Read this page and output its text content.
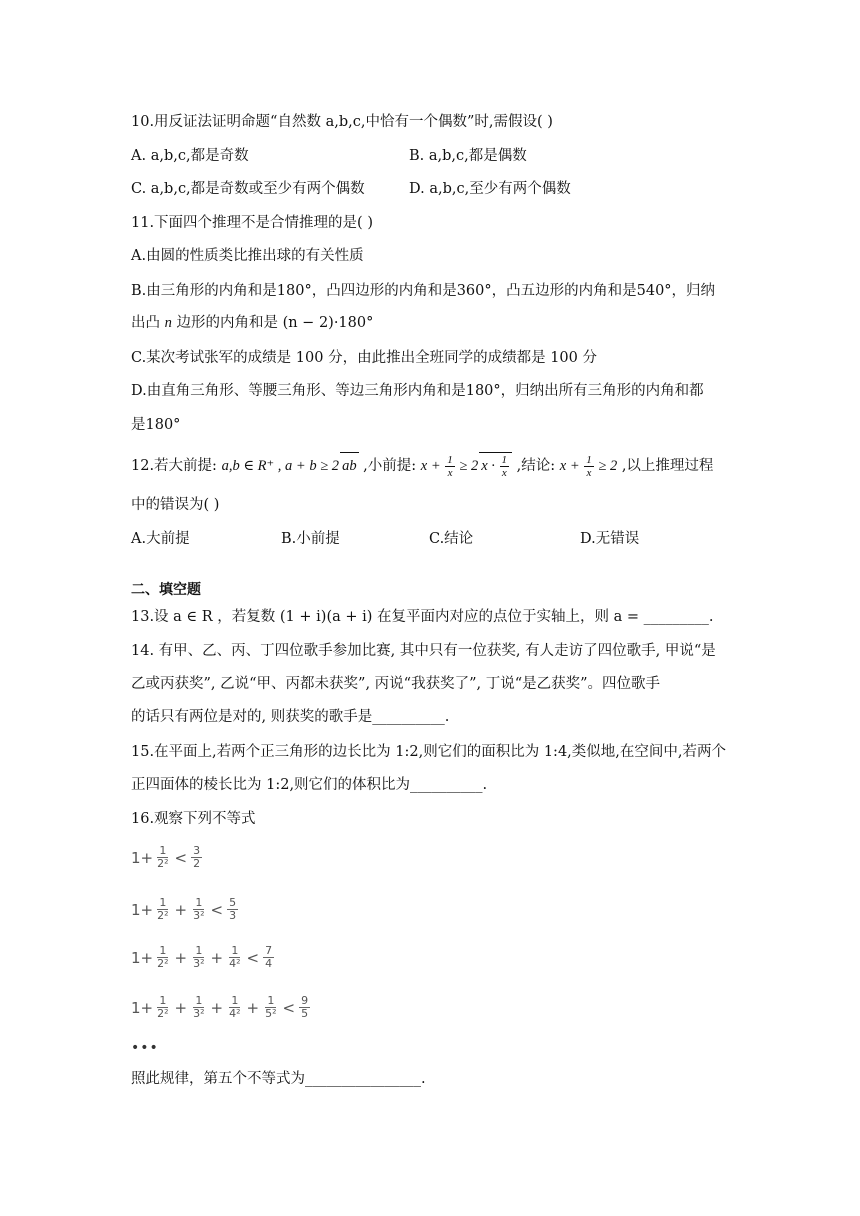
10.用反证法证明命题“自然数 a,b,c,中恰有一个偶数”时,需假设( )
A. a,b,c,都是奇数	B. a,b,c,都是偶数
C. a,b,c,都是奇数或至少有两个偶数	D. a,b,c,至少有两个偶数
11.下面四个推理不是合情推理的是( )
A.由圆的性质类比推出球的有关性质
B.由三角形的内角和是180°，凸四边形的内角和是360°，凸五边形的内角和是540°，归纳
出凸 n 边形的内角和是 (n − 2)·180°
C.某次考试张军的成绩是 100 分，由此推出全班同学的成绩都是 100 分
D.由直角三角形、等腰三角形、等边三角形内角和是180°，归纳出所有三角形的内角和都
是180°
12.若大前提: a,b ∈ R⁺ , a + b ≥ 2 ab ,小前提: $x + \frac{1}{x} \ge 2$ $x \cdot \frac{1}{x}$ ,结论: $x + \frac{1}{x} \ge 2$ ,以上推理过程
中的错误为( )
A.大前提	B.小前提	C.结论	D.无错误
二、填空题
13.设 a ∈ R ，若复数 (1 + i)(a + i) 在复平面内对应的点位于实轴上，则 a = _________.
14. 有甲、乙、丙、丁四位歌手参加比赛, 其中只有一位获奖, 有人走访了四位歌手, 甲说“是
乙或丙获奖”, 乙说“甲、丙都未获奖”, 丙说“我获奖了”, 丁说“是乙获奖”。四位歌手
的话只有两位是对的, 则获奖的歌手是__________.
15.在平面上,若两个正三角形的边长比为 1:2,则它们的面积比为 1:4,类似地,在空间中,若两个
正四面体的棱长比为 1:2,则它们的体积比为__________.
16.观察下列不等式
$1+ \frac{1}{\text{2²}} < \frac{3}{2}$
$1+ \frac{1}{\text{2²}} + \frac{1}{\text{3²}} < \frac{5}{3}$
$1+ \frac{1}{\text{2²}} + \frac{1}{\text{3²}} + \frac{1}{\text{4²}} < \frac{7}{4}$
$1+ \frac{1}{\text{2²}} + \frac{1}{\text{3²}} + \frac{1}{\text{4²}} + \frac{1}{\text{5²}} < \frac{9}{5}$
•••
照此规律，第五个不等式为________________.
